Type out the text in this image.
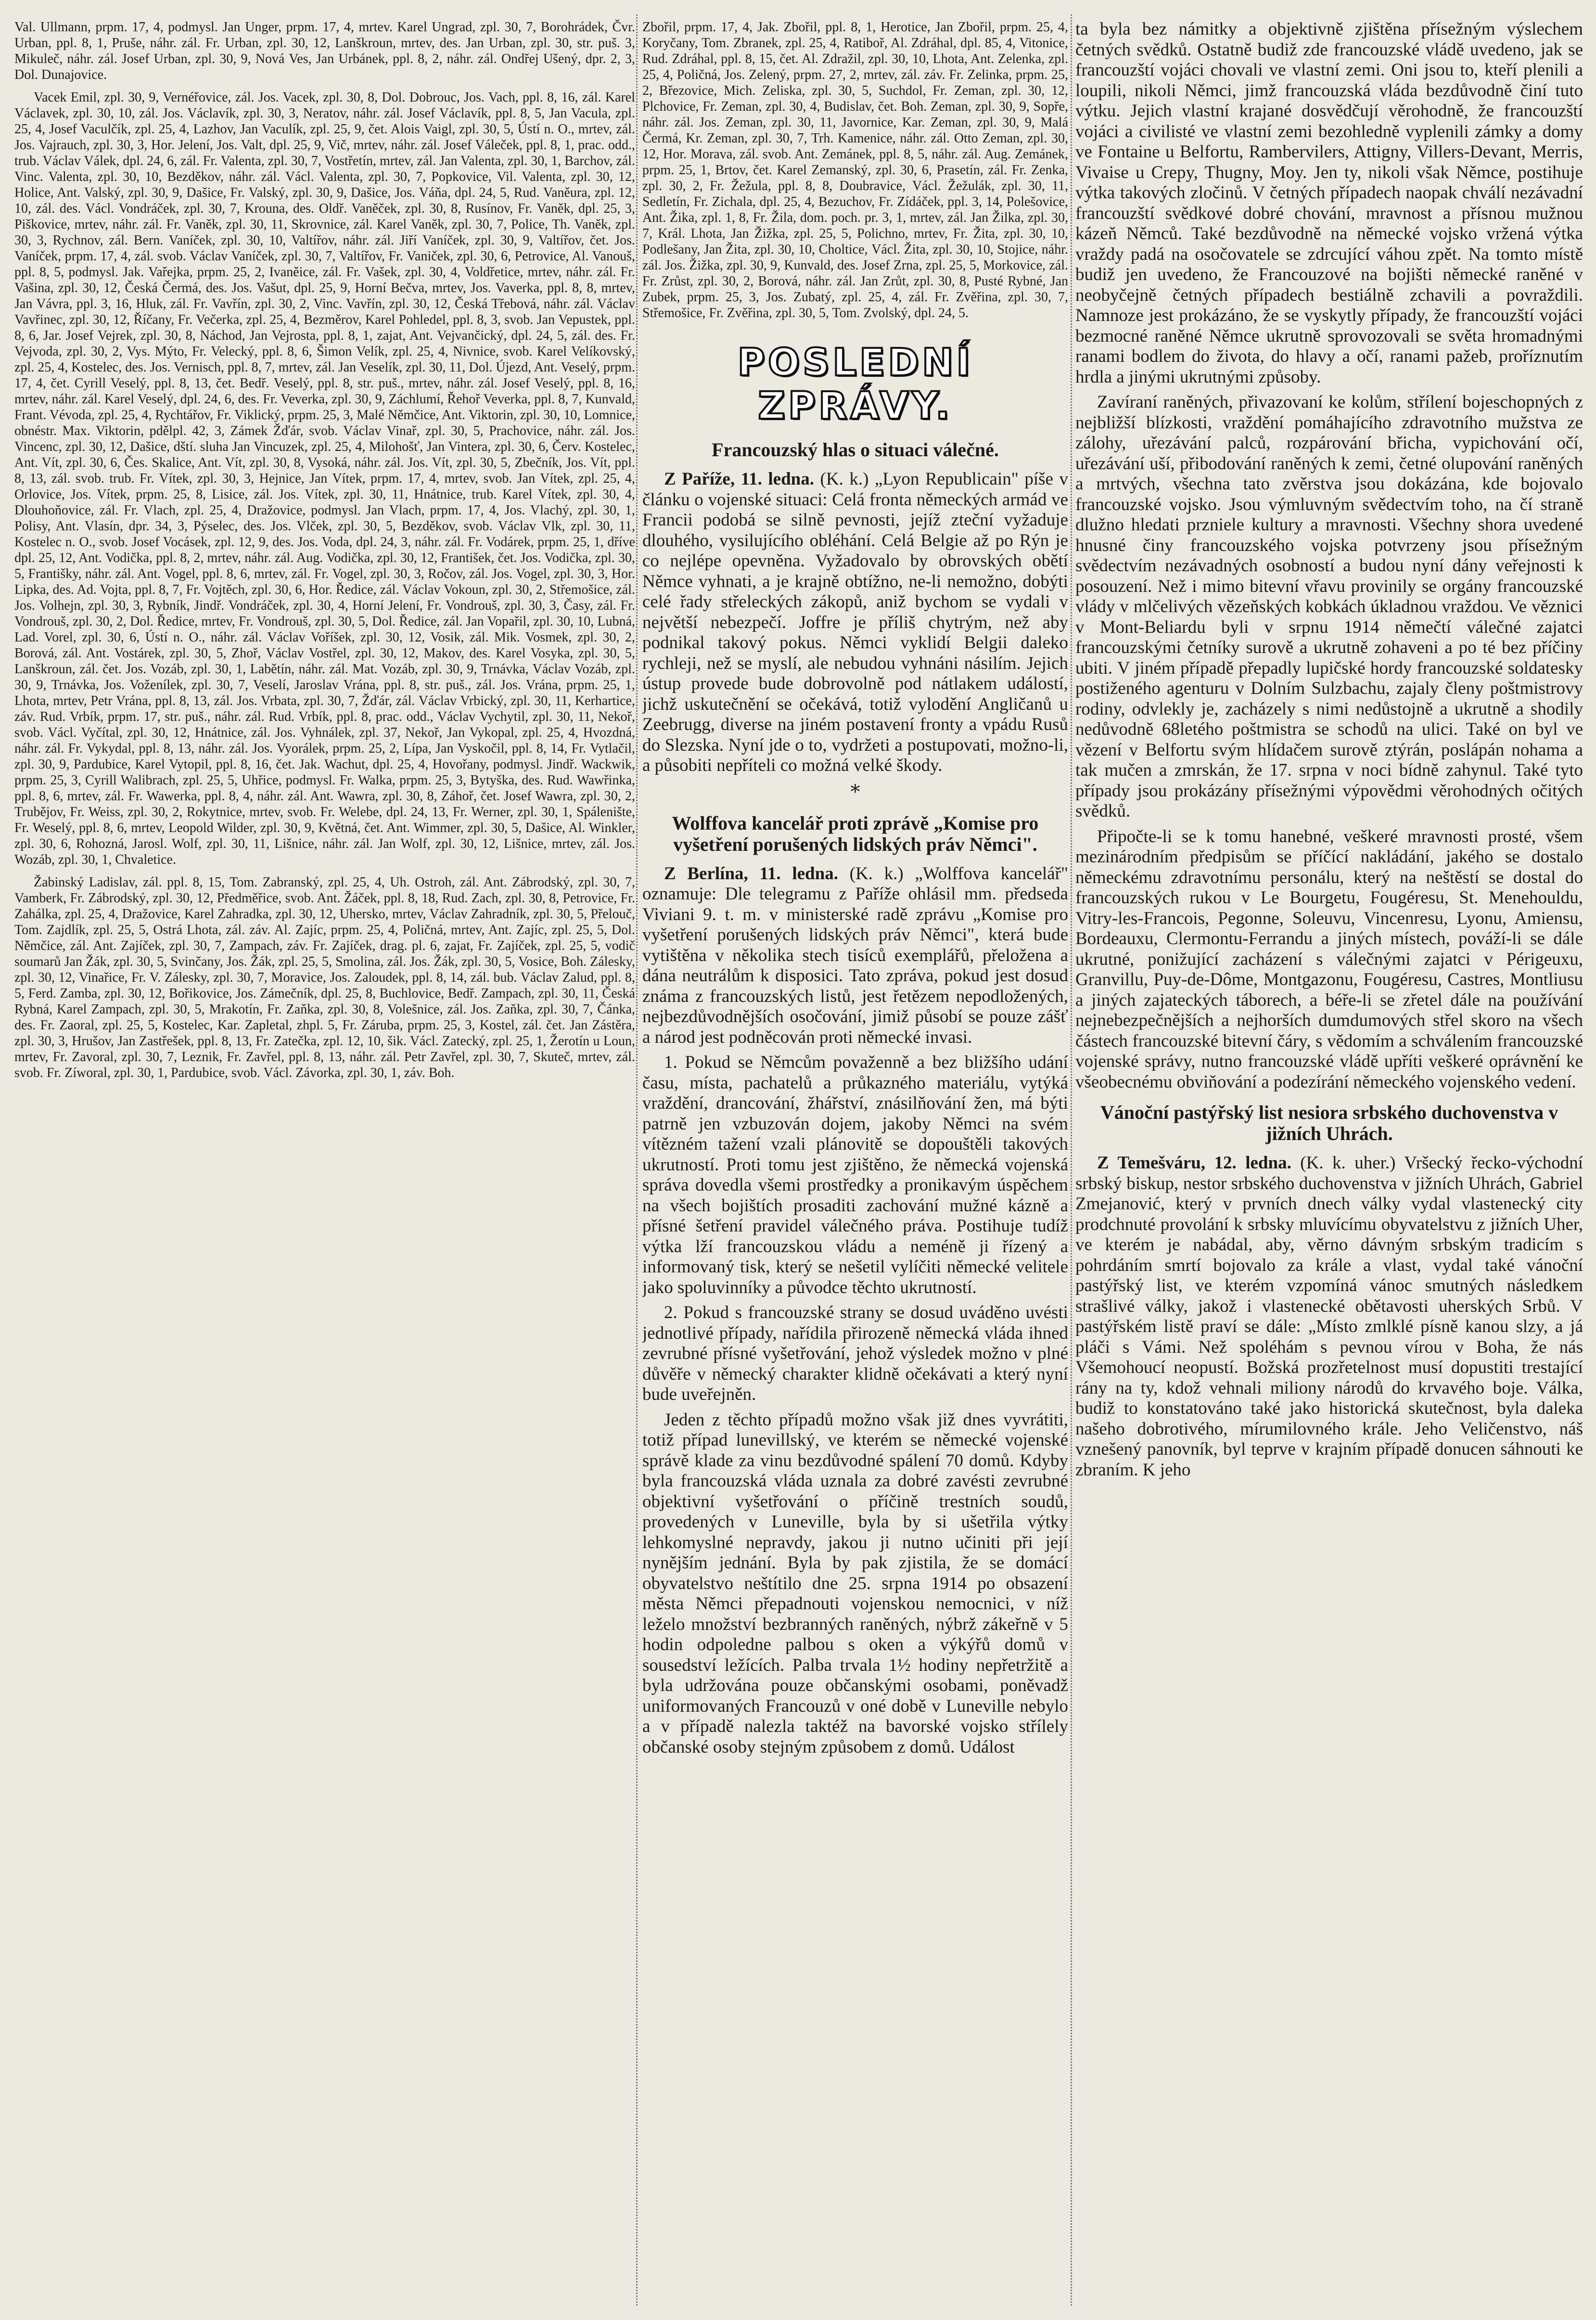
Val. Ullmann, prpm. 17, 4, podmysl. Jan Unger, prpm. 17, 4, mrtev. Karel Ungrad, zpl. 30, 7, Borohrádek, Čvr. Urban, ppl. 8, 1, Pruše, náhr. zál. Fr. Urban, zpl. 30, 12, Lanškroun, mrtev, des. Jan Urban, zpl. 30, str. puš. 3, Mikuleč, náhr. zál. Josef Urban, zpl. 30, 9, Nová Ves, Jan Urbánek, ppl. 8, 2, náhr. zál. Ondřej Ušený, dpr. 2, 3, Dol. Dunajovice.

Vacek Emil, zpl. 30, 9, Vernéřovice, zál. Jos. Vacek, zpl. 30, 8, Dol. Dobrouc, Jos. Vach, ppl. 8, 16, zál. Karel Václavek, zpl. 30, 10, zál. Jos. Václavík, zpl. 30, 3, Neratov, náhr. zál. Josef Václavík, ppl. 8, 5, Jan Vacula, zpl. 25, 4, Josef Vaculčík, zpl. 25, 4, Lazhov, Jan Vaculík, zpl. 25, 9, čet. Alois Vaigl, zpl. 30, 5, Ústí n. O., mrtev, zál. Jos. Vajrauch, zpl. 30, 3, Hor. Jelení, Jos. Valt, dpl. 25, 9, Vič, mrtev, náhr. zál. Josef Váleček, ppl. 8, 1, prac. odd., trub. Václav Válek, dpl. 24, 6, zál. Fr. Valenta, zpl. 30, 7, Vostřetín, mrtev, zál. Jan Valenta, zpl. 30, 1, Barchov, zál. Vinc. Valenta, zpl. 30, 10, Bezděkov, náhr. zál. Václ. Valenta, zpl. 30, 7, Popkovice, Vil. Valenta, zpl. 30, 12, Holice, Ant. Valský, zpl. 30, 9, Dašice, Fr. Valský, zpl. 30, 9, Dašice, Jos. Váňa, dpl. 24, 5, Rud. Vaněura, zpl. 12, 10, zál. des. Václ. Vondráček, zpl. 30, 7, Krouna, des. Oldř. Vaněček, zpl. 30, 8, Rusínov, Fr. Vaněk, dpl. 25, 3, Piškovice, mrtev, náhr. zál. Fr. Vaněk, zpl. 30, 11, Skrovnice, zál. Karel Vaněk, zpl. 30, 7, Police, Th. Vaněk, zpl. 30, 3, Rychnov, zál. Bern. Vaníček, zpl. 30, 10, Valtířov, náhr. zál. Jiří Vaníček, zpl. 30, 9, Valtířov, čet. Jos. Vaníček, prpm. 17, 4, zál. svob. Václav Vaníček, zpl. 30, 7, Valtířov, Fr. Vaniček, zpl. 30, 6, Petrovice, Al. Vanouš, ppl. 8, 5, podmysl. Jak. Vařejka, prpm. 25, 2, Ivaněice, zál. Fr. Vašek, zpl. 30, 4, Voldřetice, mrtev, náhr. zál. Fr. Vašina, zpl. 30, 12, Česká Čermá, des. Jos. Vašut, dpl. 25, 9, Horní Bečva, mrtev, Jos. Vaverka, ppl. 8, 8, mrtev, Jan Vávra, ppl. 3, 16, Hluk, zál. Fr. Vavřín, zpl. 30, 2, Vinc. Vavřín, zpl. 30, 12, Česká Třebová, náhr. zál. Václav Vavřinec, zpl. 30, 12, Říčany, Fr. Večerka, zpl. 25, 4, Bezměrov, Karel Pohledel, ppl. 8, 3, svob. Jan Vepustek, ppl. 8, 6, Jar. Josef Vejrek, zpl. 30, 8, Náchod, Jan Vejrosta, ppl. 8, 1, zajat, Ant. Vejvančický, dpl. 24, 5, zál. des. Fr. Vejvoda, zpl. 30, 2, Vys. Mýto, Fr. Velecký, ppl. 8, 6, Šimon Velík, zpl. 25, 4, Nivnice, svob. Karel Velíkovský, zpl. 25, 4, Kostelec, des. Jos. Vernisch, ppl. 8, 7, mrtev, zál. Jan Veselík, zpl. 30, 11, Dol. Újezd, Ant. Veselý, prpm. 17, 4, čet. Cyrill Veselý, ppl. 8, 13, čet. Bedř. Veselý, ppl. 8, str. puš., mrtev, náhr. zál. Josef Veselý, ppl. 8, 16, mrtev, náhr. zál. Karel Veselý, dpl. 24, 6, des. Fr. Veverka, zpl. 30, 9, Záchlumí, Řehoř Veverka, ppl. 8, 7, Kunvald, Frant. Vévoda, zpl. 25, 4, Rychtářov, Fr. Viklický, prpm. 25, 3, Malé Němčice, Ant. Viktorin, zpl. 30, 10, Lomnice, obnéstr. Max. Viktorin, pdělpl. 42, 3, Zámek Žďár, svob. Václav Vinař, zpl. 30, 5, Prachovice, náhr. zál. Jos. Vincenc, zpl. 30, 12, Dašice, dští. sluha Jan Vincuzek, zpl. 25, 4, Milohošť, Jan Vintera, zpl. 30, 6, Červ. Kostelec, Ant. Vít, zpl. 30, 6, Čes. Skalice, Ant. Vít, zpl. 30, 8, Vysoká, náhr. zál. Jos. Vít, zpl. 30, 5, Zbečník, Jos. Vít, ppl. 8, 13, zál. svob. trub. Fr. Vítek, zpl. 30, 3, Hejnice, Jan Vítek, prpm. 17, 4, mrtev, svob. Jan Vítek, zpl. 25, 4, Orlovice, Jos. Vítek, prpm. 25, 8, Lisice, zál. Jos. Vítek, zpl. 30, 11, Hnátnice, trub. Karel Vítek, zpl. 30, 4, Dlouhoňovice, zál. Fr. Vlach, zpl. 25, 4, Dražovice, podmysl. Jan Vlach, prpm. 17, 4, Jos. Vlachý, zpl. 30, 1, Polisy, Ant. Vlasín, dpr. 34, 3, Pýselec, des. Jos. Vlček, zpl. 30, 5, Bezděkov, svob. Václav Vlk, zpl. 30, 11, Kostelec n. O., svob. Josef Vocásek, zpl. 12, 9, des. Jos. Voda, dpl. 24, 3, náhr. zál. Fr. Vodárek, prpm. 25, 1, dříve dpl. 25, 12, Ant. Vodička, ppl. 8, 2, mrtev, náhr. zál. Aug. Vodička, zpl. 30, 12, František, čet. Jos. Vodička, zpl. 30, 5, Františky, náhr. zál. Ant. Vogel, ppl. 8, 6, mrtev, zál. Fr. Vogel, zpl. 30, 3, Ročov, zál. Jos. Vogel, zpl. 30, 3, Hor. Lipka, des. Ad. Vojta, ppl. 8, 7, Fr. Vojtěch, zpl. 30, 6, Hor. Ředice, zál. Václav Vokoun, zpl. 30, 2, Střemošice, zál. Jos. Volhejn, zpl. 30, 3, Rybník, Jindř. Vondráček, zpl. 30, 4, Horní Jelení, Fr. Vondrouš, zpl. 30, 3, Časy, zál. Fr. Vondrouš, zpl. 30, 2, Dol. Ředice, mrtev, Fr. Vondrouš, zpl. 30, 5, Dol. Ředice, zál. Jan Vopařil, zpl. 30, 10, Lubná, Lad. Vorel, zpl. 30, 6, Ústí n. O., náhr. zál. Václav Voříšek, zpl. 30, 12, Vosik, zál. Mik. Vosmek, zpl. 30, 2, Borová, zál. Ant. Vostárek, zpl. 30, 5, Zhoř, Václav Vostřel, zpl. 30, 12, Makov, des. Karel Vosyka, zpl. 30, 5, Lanškroun, zál. čet. Jos. Vozáb, zpl. 30, 1, Labětín, náhr. zál. Mat. Vozáb, zpl. 30, 9, Trnávka, Václav Vozáb, zpl. 30, 9, Trnávka, Jos. Voženílek, zpl. 30, 7, Veselí, Jaroslav Vrána, ppl. 8, str. puš., zál. Jos. Vrána, prpm. 25, 1, Lhota, mrtev, Petr Vrána, ppl. 8, 13, zál. Jos. Vrbata, zpl. 30, 7, Žďár, zál. Václav Vrbický, zpl. 30, 11, Kerhartice, záv. Rud. Vrbík, prpm. 17, str. puš., náhr. zál. Rud. Vrbík, ppl. 8, prac. odd., Václav Vychytil, zpl. 30, 11, Nekoř, svob. Václ. Vyčítal, zpl. 30, 12, Hnátnice, zál. Jos. Vyhnálek, zpl. 37, Nekoř, Jan Vykopal, zpl. 25, 4, Hvozdná, náhr. zál. Fr. Vykydal, ppl. 8, 13, náhr. zál. Jos. Vyorálek, prpm. 25, 2, Lípa, Jan Vyskočil, ppl. 8, 14, Fr. Vytlačil, zpl. 30, 9, Pardubice, Karel Vytopil, ppl. 8, 16, čet. Jak. Wachut, dpl. 25, 4, Hovořany, podmysl. Jindř. Wackwik, prpm. 25, 3, Cyrill Walibrach, zpl. 25, 5, Uhřice, podmysl. Fr. Walka, prpm. 25, 3, Bytyška, des. Rud. Wawřinka, ppl. 8, 6, mrtev, zál. Fr. Wawerka, ppl. 8, 4, náhr. zál. Ant. Wawra, zpl. 30, 8, Záhoř, čet. Josef Wawra, zpl. 30, 2, Trubějov, Fr. Weiss, zpl. 30, 2, Rokytnice, mrtev, svob. Fr. Welebe, dpl. 24, 13, Fr. Werner, zpl. 30, 1, Spálenište, Fr. Weselý, ppl. 8, 6, mrtev, Leopold Wilder, zpl. 30, 9, Květná, čet. Ant. Wimmer, zpl. 30, 5, Dašice, Al. Winkler, zpl. 30, 6, Rohozná, Jarosl. Wolf, zpl. 30, 11, Lišnice, náhr. zál. Jan Wolf, zpl. 30, 12, Lišnice, mrtev, zál. Jos. Wozáb, zpl. 30, 1, Chvaletice.

Žabinský Ladislav, zál. ppl. 8, 15, Tom. Zabranský, zpl. 25, 4, Uh. Ostroh, zál. Ant. Zábrodský, zpl. 30, 7, Vamberk, Fr. Zábrodský, zpl. 30, 12, Předměřice, svob. Ant. Žáček, ppl. 8, 18, Rud. Zach, zpl. 30, 8, Petrovice, Fr. Zahálka, zpl. 25, 4, Dražovice, Karel Zahradka, zpl. 30, 12, Uhersko, mrtev, Václav Zahradník, zpl. 30, 5, Přelouč, Tom. Zajdlík, zpl. 25, 5, Ostrá Lhota, zál. záv. Al. Zajíc, prpm. 25, 4, Poličná, mrtev, Ant. Zajíc, zpl. 25, 5, Dol. Němčice, zál. Ant. Zajíček, zpl. 30, 7, Zampach, záv. Fr. Zajíček, drag. pl. 6, zajat, Fr. Zajíček, zpl. 25, 5, vodič soumarů Jan Žák, zpl. 30, 5, Svinčany, Jos. Žák, zpl. 25, 5, Smolina, zál. Jos. Žák, zpl. 30, 5, Vosice, Boh. Zálesky, zpl. 30, 12, Vinařice, Fr. V. Zálesky, zpl. 30, 7, Moravice, Jos. Zaloudek, ppl. 8, 14, zál. bub. Václav Zalud, ppl. 8, 5, Ferd. Zamba, zpl. 30, 12, Bořikovice, Jos. Zámečník, dpl. 25, 8, Buchlovice, Bedř. Zampach, zpl. 30, 11, Česká Rybná, Karel Zampach, zpl. 30, 5, Mrakotín, Fr. Zaňka, zpl. 30, 8, Volešnice, zál. Jos. Zaňka, zpl. 30, 7, Čánka, des. Fr. Zaoral, zpl. 25, 5, Kostelec, Kar. Zapletal, zhpl. 5, Fr. Záruba, prpm. 25, 3, Kostel, zál. čet. Jan Zástěra, zpl. 30, 3, Hrušov, Jan Zastřešek, ppl. 8, 13, Fr. Zatečka, zpl. 12, 10, šik. Václ. Zatecký, zpl. 25, 1, Žerotín u Loun, mrtev, Fr. Zavoral, zpl. 30, 7, Leznik, Fr. Zavřel, ppl. 8, 13, náhr. zál. Petr Zavřel, zpl. 30, 7, Skuteč, mrtev, zál. svob. Fr. Zíworal, zpl. 30, 1, Pardubice, svob. Václ. Závorka, zpl. 30, 1, záv. Boh.

Zbořil, prpm. 17, 4, Jak. Zbořil, ppl. 8, 1, Herotice, Jan Zbořil, prpm. 25, 4, Koryčany, Tom. Zbranek, zpl. 25, 4, Ratiboř, Al. Zdráhal, dpl. 85, 4, Vitonice, Rud. Zdráhal, ppl. 8, 15, čet. Al. Zdražil, zpl. 30, 10, Lhota, Ant. Zelenka, zpl. 25, 4, Poličná, Jos. Zelený, prpm. 27, 2, mrtev, zál. záv. Fr. Zelinka, prpm. 25, 2, Březovice, Mich. Zeliska, zpl. 30, 5, Suchdol, Fr. Zeman, zpl. 30, 12, Plchovice, Fr. Zeman, zpl. 30, 4, Budislav, čet. Boh. Zeman, zpl. 30, 9, Sopře, náhr. zál. Jos. Zeman, zpl. 30, 11, Javornice, Kar. Zeman, zpl. 30, 9, Malá Čermá, Kr. Zeman, zpl. 30, 7, Trh. Kamenice, náhr. zál. Otto Zeman, zpl. 30, 12, Hor. Morava, zál. svob. Ant. Zemánek, ppl. 8, 5, náhr. zál. Aug. Zemánek, prpm. 25, 1, Brtov, čet. Karel Zemanský, zpl. 30, 6, Prasetín, zál. Fr. Zenka, zpl. 30, 2, Fr. Žežula, ppl. 8, 8, Doubravice, Václ. Žežulák, zpl. 30, 11, Sedletín, Fr. Zichala, dpl. 25, 4, Bezuchov, Fr. Zídáček, ppl. 3, 14, Polešovice, Ant. Žika, zpl. 1, 8, Fr. Žila, dom. poch. pr. 3, 1, mrtev, zál. Jan Žilka, zpl. 30, 7, Král. Lhota, Jan Žižka, zpl. 25, 5, Polichno, mrtev, Fr. Žita, zpl. 30, 10, Podlešany, Jan Žita, zpl. 30, 10, Cholticе, Václ. Žita, zpl. 30, 10, Stojice, náhr. zál. Jos. Žižka, zpl. 30, 9, Kunvald, des. Josef Zrna, zpl. 25, 5, Morkovice, zál. Fr. Zrůst, zpl. 30, 2, Borová, náhr. zál. Jan Zrůt, zpl. 30, 8, Pusté Rybné, Jan Zubek, prpm. 25, 3, Jos. Zubatý, zpl. 25, 4, zál. Fr. Zvěřina, zpl. 30, 7, Střemošice, Fr. Zvěřina, zpl. 30, 5, Tom. Zvolský, dpl. 24, 5.

POSLEDNÍ ZPRÁVY.
Francouzský hlas o situaci válečné.

Z Paříže, 11. ledna. (K. k.) „Lyon Republicain" píše v článku o vojenské situaci: Celá fronta německých armád ve Francii podobá se silně pevnosti, jejíž zteční vyžaduje dlouhého, vysilujícího obléhání. Celá Belgie až po Rýn je co nejlépe opevněna. Vyžadovalo by obrovských obětí Němce vyhnati, a je krajně obtížno, ne-li nemožno, dobýti celé řady střeleckých zákopů, aniž bychom se vydali v největší nebezpečí. Joffre je příliš chytrým, než aby podnikal takový pokus. Němci vyklidí Belgii daleko rychleji, než se myslí, ale nebudou vyhnáni násilím. Jejich ústup provede bude dobrovolně pod nátlakem událostí, jichž uskutečnění se očekává, totiž vylodění Angličanů u Zeebrugg, diverse na jiném postavení fronty a vpádu Rusů do Slezska. Nyní jde o to, vydržeti a postupovati, možno-li, a působiti nepříteli co možná velké škody.

*
Wolffova kancelář proti zprávě „Komise pro vyšetření porušených lidských práv Němci".

Z Berlína, 11. ledna. (K. k.) „Wolffova kancelář" oznamuje: Dle telegramu z Paříže ohlásil mm. předseda Viviani 9. t. m. v ministerské radě zprávu „Komise pro vyšetření porušených lidských práv Němci", která bude vytištěna v několika stech tisíců exemplářů, přeložena a dána neutrálům k disposici. Tato zpráva, pokud jest dosud známa z francouzských listů, jest řetězem nepodložených, nejbezdůvodnějších osočování, jimiž působí se pouze zášť a národ jest podněcován proti německé invasi.

1. Pokud se Němcům považenně a bez bližšího udání času, místa, pachatelů a průkazného materiálu, vytýká vraždění, drancování, žhářství, znásilňování žen, má býti patrně jen vzbuzován dojem, jakoby Němci na svém vítězném tažení vzali plánovitě se dopouštěli takových ukrutností. Proti tomu jest zjištěno, že německá vojenská správa dovedla všemi prostředky a pronikavým úspěchem na všech bojištích prosaditi zachování mužné kázně a přísné šetření pravidel válečného práva. Postihuje tudíž výtka lží francouzskou vládu a neméně ji řízený a informovaný tisk, který se nešetil vylíčiti německé velitele jako spoluvinníky a původce těchto ukrutností.

2. Pokud s francouzské strany se dosud uváděno uvésti jednotlivé případy, nařídila přirozeně německá vláda ihned zevrubné přísné vyšetřování, jehož výsledek možno v plné důvěře v německý charakter klidně očekávati a který nyní bude uveřejněn.

Jeden z těchto případů možno však již dnes vyvrátiti, totiž případ lunevillský, ve kterém se německé vojenské správě klade za vinu bezdůvodné spálení 70 domů. Kdyby byla francouzská vláda uznala za dobré zavésti zevrubné objektivní vyšetřování o příčině trestních soudů, provedených v Luneville, byla by si ušetřila výtky lehkomyslné nepravdy, jakou ji nutno učiniti při její nynějším jednání. Byla by pak zjistila, že se domácí obyvatelstvo neštítilo dne 25. srpna 1914 po obsazení města Němci přepadnouti vojenskou nemocnici, v níž leželo množství bezbranných raněných, nýbrž zákeřně v 5 hodin odpoledne palbou s oken a výkýřů domů v sousedství ležících. Palba trvala 1½ hodiny nepřetržitě a byla udržována pouze občanskými osobami, poněvadž uniformovaných Francouzů v oné době v Luneville nebylo a v případě nalezla taktéž na bavorské vojsko střílely občanské osoby stejným způsobem z domů. Událost

ta byla bez námitky a objektivně zjištěna přísežným výslechem četných svědků. Ostatně budiž zde francouzské vládě uvedeno, jak se francouzští vojáci chovali ve vlastní zemi. Oni jsou to, kteří plenili a loupili, nikoli Němci, jimž francouzská vláda bezdůvodně činí tuto výtku. Jejich vlastní krajané dosvědčují věrohodně, že francouzští vojáci a civilisté ve vlastní zemi bezohledně vyplenili zámky a domy ve Fontaine u Belfortu, Rambervilers, Attigny, Villers-Devant, Merris, Vivaise u Crepy, Thugny, Moy. Jen ty, nikoli však Němce, postihuje výtka takových zločinů. V četných případech naopak chválí nezávadní francouzští svědkové dobré chování, mravnost a přísnou mužnou kázeň Němců. Také bezdůvodně na německé vojsko vržená výtka vraždy padá na osočovatele se zdrcující váhou zpět. Na tomto místě budiž jen uvedeno, že Francouzové na bojišti německé raněné v neobyčejně četných případech bestiálně zchavili a povraždili. Namnoze jest prokázáno, že se vyskytly případy, že francouzští vojáci bezmocné raněné Němce ukrutně sprovozovali se světa hromadnými ranami bodlem do života, do hlavy a očí, ranami pažeb, proříznutím hrdla a jinými ukrutnými způsoby.

Zavíraní raněných, přivazovaní ke kolům, střílení bojeschopných z nejbližší blízkosti, vraždění pomáhajícího zdravotního mužstva ze zálohy, uřezávání palců, rozpárování břicha, vypichování očí, uřezávání uší, přibodování raněných k zemi, četné olupování raněných a mrtvých, všechna tato zvěrstva jsou dokázána, kde bojovalo francouzské vojsko. Jsou výmluvným svědectvím toho, na čí straně dlužno hledati przniele kultury a mravnosti. Všechny shora uvedené hnusné činy francouzského vojska potvrzeny jsou přísežným svědectvím nezávadných osobností a budou nyní dány veřejnosti k posouzení. Než i mimo bitevní vřavu provinily se orgány francouzské vlády v mlčelivých vězeňských kobkách úkladnou vraždou. Ve věznici v Mont-Beliardu byli v srpnu 1914 němečtí válečné zajatci francouzskými četníky surově a ukrutně zohaveni a po té bez příčiny ubiti. V jiném případě přepadly lupičské hordy francouzské soldatesky postiženého agenturu v Dolním Sulzbachu, zajaly členy poštmistrovy rodiny, odvlekly je, zacházely s nimi nedůstojně a ukrutně a shodily nedůvodně 68letého poštmistra se schodů na ulici. Také on byl ve vězení v Belfortu svým hlídačem surově ztýrán, poslápán nohama a tak mučen a zmrskán, že 17. srpna v noci bídně zahynul. Také tyto případy jsou prokázány přísežnými výpovědmi věrohodných očitých svědků.

Připočte-li se k tomu hanebné, veškeré mravnosti prosté, všem mezinárodním předpisům se příčící nakládání, jakého se dostalo německému zdravotnímu personálu, který na neštěstí se dostal do francouzských rukou v Le Bourgetu, Fougéresu, St. Menehouldu, Vitry-les-Francois, Pegonne, Soleuvu, Vincenresu, Lyonu, Amiensu, Bordeauxu, Clermontu-Ferrandu a jiných místech, pováží-li se dále ukrutné, ponižující zacházení s válečnými zajatci v Périgeuxu, Granvillu, Puy-de-Dôme, Montgazonu, Fougéresu, Castres, Montliusu a jiných zajateckých táborech, a béře-li se zřetel dále na používání nejnebezpečnějších a nejhorších dumdumových střel skoro na všech částech francouzské bitevní čáry, s vědomím a schválením francouzské vojenské správy, nutno francouzské vládě upříti veškeré oprávnění ke všeobecnému obviňování a podezírání německého vojenského vedení.

Vánoční pastýřský list nesiora srbského duchovenstva v jižních Uhrách.

Z Temešváru, 12. ledna. (K. k. uher.) Vršecký řecko-východní srbský biskup, nestor srbského duchovenstva v jižních Uhrách, Gabriel Zmejanović, který v prvních dnech války vydal vlastenecký city prodchnuté provolání k srbsky mluvícímu obyvatelstvu z jižních Uher, ve kterém je nabádal, aby, věrno dávným srbským tradicím s pohrdáním smrtí bojovalo za krále a vlast, vydal také vánoční pastýřský list, ve kterém vzpomíná vánoc smutných následkem strašlivé války, jakož i vlastenecké obětavosti uherských Srbů. V pastýřském listě praví se dále: „Místo zmlklé písně kanou slzy, a já pláči s Vámi. Než spoléhám s pevnou vírou v Boha, že nás Všemohoucí neopustí. Božská prozřetelnost musí dopustiti trestající rány na ty, kdož vehnali miliony národů do krvavého boje. Válka, budiž to konstatováno také jako historická skutečnost, byla daleka našeho dobrotivého, mírumilovného krále. Jeho Veličenstvo, náš vznešený panovník, byl teprve v krajním případě donucen sáhnouti ke zbraním. K jeho
